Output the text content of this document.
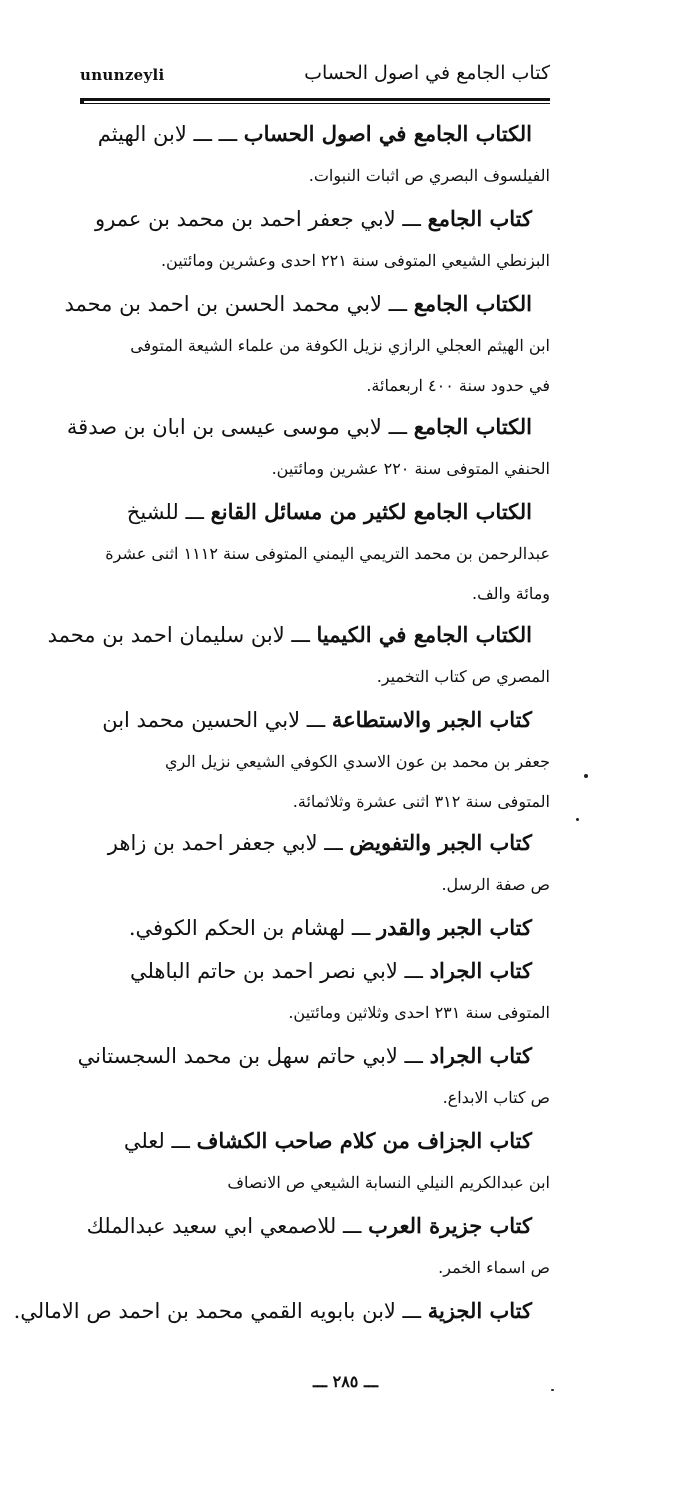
ununzeyli	كتاب الجامع في اصول الحساب
الكتاب الجامع في اصول الحساب ـــ ـــ لابن الهيثم
الفيلسوف البصري ص اثبات النبوات.
كتاب الجامع ـــ لابي جعفر احمد بن محمد بن عمرو
البزنطي الشيعي المتوفى سنة ٢٢١ احدى وعشرين ومائتين.
الكتاب الجامع ـــ لابي محمد الحسن بن احمد بن محمد
ابن الهيثم العجلي الرازي نزيل الكوفة من علماء الشيعة المتوفى
في حدود سنة ٤٠٠ اربعمائة.
الكتاب الجامع ـــ لابي موسى عيسى بن ابان بن صدقة
الحنفي المتوفى سنة ٢٢٠ عشرين ومائتين.
الكتاب الجامع لكثير من مسائل القانع ـــ للشيخ
عبدالرحمن بن محمد التريمي اليمني المتوفى سنة ١١١٢ اثنى عشرة
ومائة والف.
الكتاب الجامع في الكيميا ـــ لابن سليمان احمد بن محمد
المصري ص كتاب التخمير.
كتاب الجبر والاستطاعة ـــ لابي الحسين محمد ابن
جعفر بن محمد بن عون الاسدي الكوفي الشيعي نزيل الري
المتوفى سنة ٣١٢ اثنى عشرة وثلاثمائة.
كتاب الجبر والتفويض ـــ لابي جعفر احمد بن زاهر
ص صفة الرسل.
كتاب الجبر والقدر ـــ لهشام بن الحكم الكوفي.
كتاب الجراد ـــ لابي نصر احمد بن حاتم الباهلي
المتوفى سنة ٢٣١ احدى وثلاثين ومائتين.
كتاب الجراد ـــ لابي حاتم سهل بن محمد السجستاني
ص كتاب الابداع.
كتاب الجزاف من كلام صاحب الكشاف ـــ لعلي
ابن عبدالكريم النيلي النسابة الشيعي ص الانصاف
كتاب جزيرة العرب ـــ للاصمعي ابي سعيد عبدالملك
ص اسماء الخمر.
كتاب الجزية ـــ لابن بابويه القمي محمد بن احمد ص الامالي.
ـــ ٢٨٥ ـــ
